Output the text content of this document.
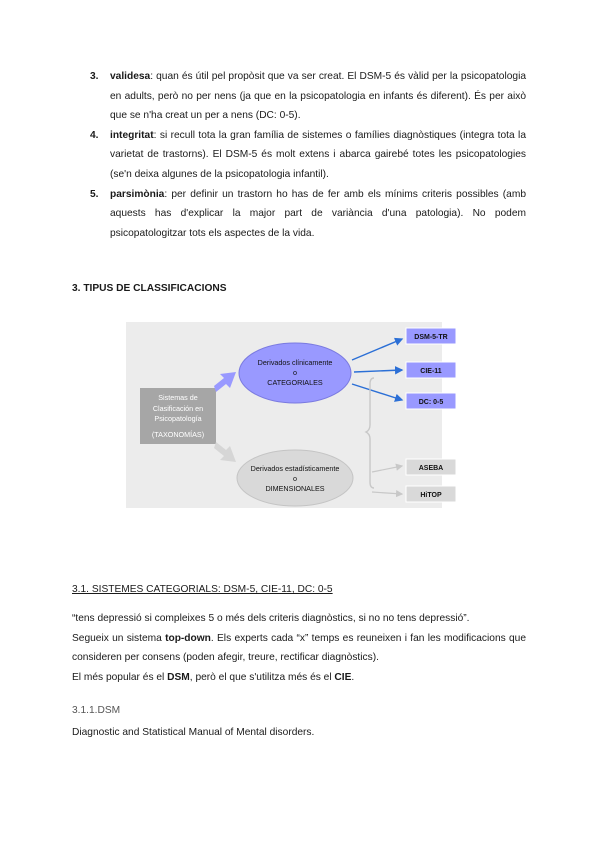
3. validesa: quan és útil pel propòsit que va ser creat. El DSM-5 és vàlid per la psicopatologia en adults, però no per nens (ja que en la psicopatologia en infants és diferent). És per això que se n'ha creat un per a nens (DC: 0-5).
4. integritat: si recull tota la gran família de sistemes o famílies diagnòstiques (integra tota la varietat de trastorns). El DSM-5 és molt extens i abarca gairebé totes les psicopatologies (se'n deixa algunes de la psicopatologia infantil).
5. parsimònia: per definir un trastorn ho has de fer amb els mínims criteris possibles (amb aquests has d'explicar la major part de variància d'una patologia). No podem psicopatologitzar tots els aspectes de la vida.
3. TIPUS DE CLASSIFICACIONS
Sistemas de
Clasificación en
Psicopatología
(TAXONOMÍAS)
Derivados clínicamente
o
CATEGORIALES
Derivados estadísticamente
o
DIMENSIONALES
DSM-5-TR
CIE-11
DC: 0-5
ASEBA
HiTOP
3.1. SISTEMES CATEGORIALS: DSM-5, CIE-11, DC: 0-5

“tens depressió si compleixes 5 o més dels criteris diagnòstics, si no no tens depressió”.

Segueix un sistema top-down. Els experts cada “x” temps es reuneixen i fan les modificacions que consideren per consens (poden afegir, treure, rectificar diagnòstics).

El més popular és el DSM, però el que s'utilitza més és el CIE.

3.1.1.DSM
Diagnostic and Statistical Manual of Mental disorders.
